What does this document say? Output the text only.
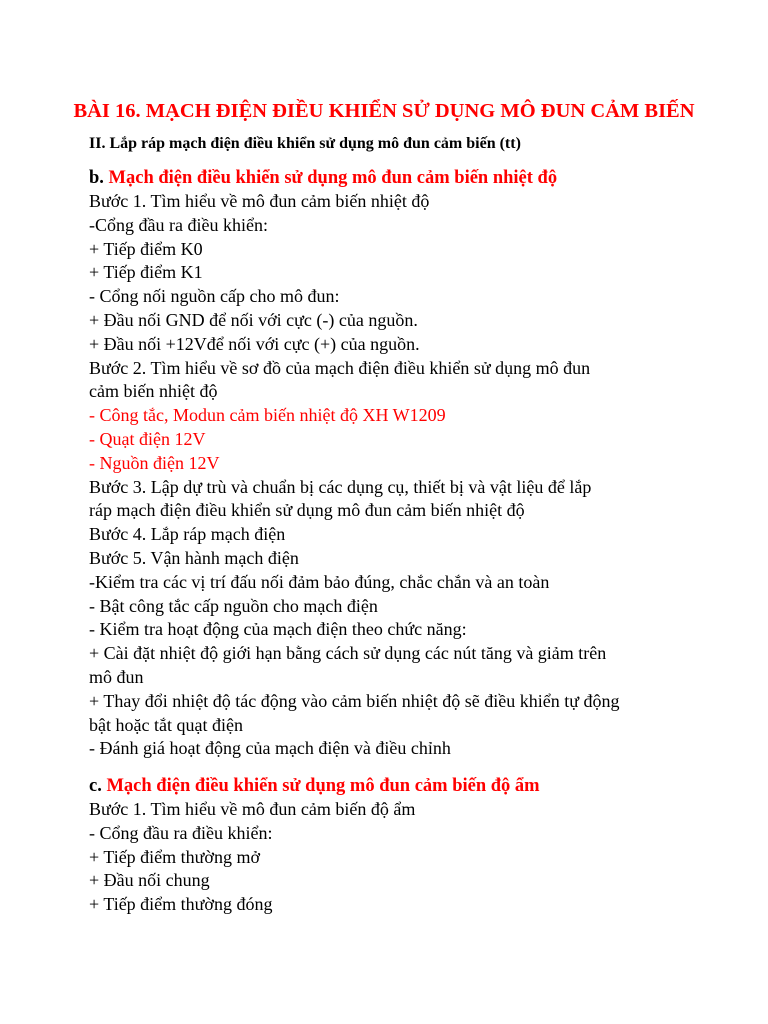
BÀI 16. MẠCH ĐIỆN ĐIỀU KHIỂN SỬ DỤNG MÔ ĐUN CẢM BIẾN

II. Lắp ráp mạch điện điều khiển sử dụng mô đun cảm biến (tt)

b. Mạch điện điều khiển sử dụng mô đun cảm biến nhiệt độ
Bước 1. Tìm hiểu về mô đun cảm biến nhiệt độ
-Cổng đầu ra điều khiển:
+ Tiếp điểm K0
+ Tiếp điểm K1
- Cổng nối nguồn cấp cho mô đun:
+ Đầu nối GND để nối với cực (-) của nguồn.
+ Đầu nối +12Vđể nối với cực (+) của nguồn.
Bước 2. Tìm hiểu về sơ đồ của mạch điện điều khiển sử dụng mô đun
cảm biến nhiệt độ
- Công tắc, Modun cảm biến nhiệt độ XH W1209
- Quạt điện 12V
- Nguồn điện 12V
Bước 3. Lập dự trù và chuẩn bị các dụng cụ, thiết bị và vật liệu để lắp
ráp mạch điện điều khiển sử dụng mô đun cảm biến nhiệt độ
Bước 4. Lắp ráp mạch điện
Bước 5. Vận hành mạch điện
-Kiểm tra các vị trí đấu nối đảm bảo đúng, chắc chắn và an toàn
- Bật công tắc cấp nguồn cho mạch điện
- Kiểm tra hoạt động của mạch điện theo chức năng:
+ Cài đặt nhiệt độ giới hạn bằng cách sử dụng các nút tăng và giảm trên
mô đun
+ Thay đổi nhiệt độ tác động vào cảm biến nhiệt độ sẽ điều khiển tự động
bật hoặc tắt quạt điện
- Đánh giá hoạt động của mạch điện và điều chỉnh
c. Mạch điện điều khiển sử dụng mô đun cảm biến độ ẩm
Bước 1. Tìm hiểu về mô đun cảm biến độ ẩm
- Cổng đầu ra điều khiển:
+ Tiếp điểm thường mở
+ Đầu nối chung
+ Tiếp điểm thường đóng
